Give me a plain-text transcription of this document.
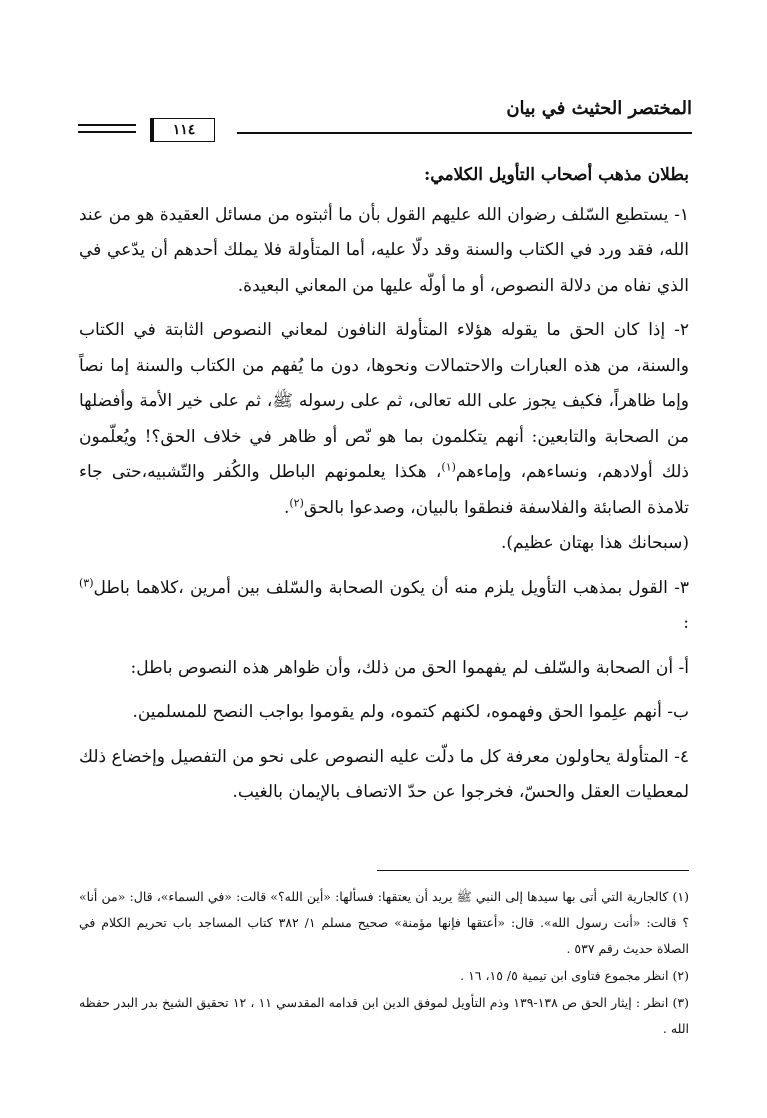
المختصر الحثيث في بيان
١١٤

بطلان مذهب أصحاب التأويل الكلامي:

١- يستطيع السّلف رضوان الله عليهم القول بأن ما أثبتوه من مسائل العقيدة هو من عند الله، فقد ورد في الكتاب والسنة وقد دلّا عليه، أما المتأولة فلا يملك أحدهم أن يدّعي في الذي نفاه من دلالة النصوص، أو ما أولّه عليها من المعاني البعيدة.

٢- إذا كان الحق ما يقوله هؤلاء المتأولة النافون لمعاني النصوص الثابتة في الكتاب والسنة، من هذه العبارات والاحتمالات ونحوها، دون ما يُفهم من الكتاب والسنة إما نصاً وإما ظاهراً، فكيف يجوز على الله تعالى، ثم على رسوله ﷺ، ثم على خير الأمة وأفضلها من الصحابة والتابعين: أنهم يتكلمون بما هو نّص أو ظاهر في خلاف الحق؟! ويُعلّمون ذلك أولادهم، ونساءهم، وإماءهم$^{(١)}$، هكذا يعلمونهم الباطل والكُفر والتّشبيه،حتى جاء تلامذة الصابئة والفلاسفة فنطقوا بالبيان، وصدعوا بالحق$^{(٢)}$.
(سبحانك هذا بهتان عظيم).

٣- القول بمذهب التأويل يلزم منه أن يكون الصحابة والسّلف بين أمرين ،كلاهما باطل$^{(٣)}$ :

أ- أن الصحابة والسّلف لم يفهموا الحق من ذلك، وأن ظواهر هذه النصوص باطل:

ب- أنهم علِموا الحق وفهموه، لكنهم كتموه، ولم يقوموا بواجب النصح للمسلمين.

٤- المتأولة يحاولون معرفة كل ما دلّت عليه النصوص على نحو من التفصيل وإخضاع ذلك لمعطيات العقل والحسّ، فخرجوا عن حدّ الاتصاف بالإيمان بالغيب.

(١) كالجارية التي أتى بها سيدها إلى النبي ﷺ يريد أن يعتقها: فسألها: «أين الله؟» قالت: «في السماء»، قال: «من أنا» ؟ قالت: «أنت رسول الله». قال: «أعتقها فإنها مؤمنة» صحيح مسلم ١/ ٣٨٢ كتاب المساجد باب تحريم الكلام في الصلاة حديث رقم ٥٣٧ .

(٢) انظر مجموع فتاوى ابن تيمية ٥/ ١٥، ١٦ .

(٣) انظر : إيثار الحق ص ١٣٨-١٣٩ وذم التأويل لموفق الدين ابن قدامه المقدسي ١١ ، ١٢ تحقيق الشيخ بدر البدر حفظه الله .
